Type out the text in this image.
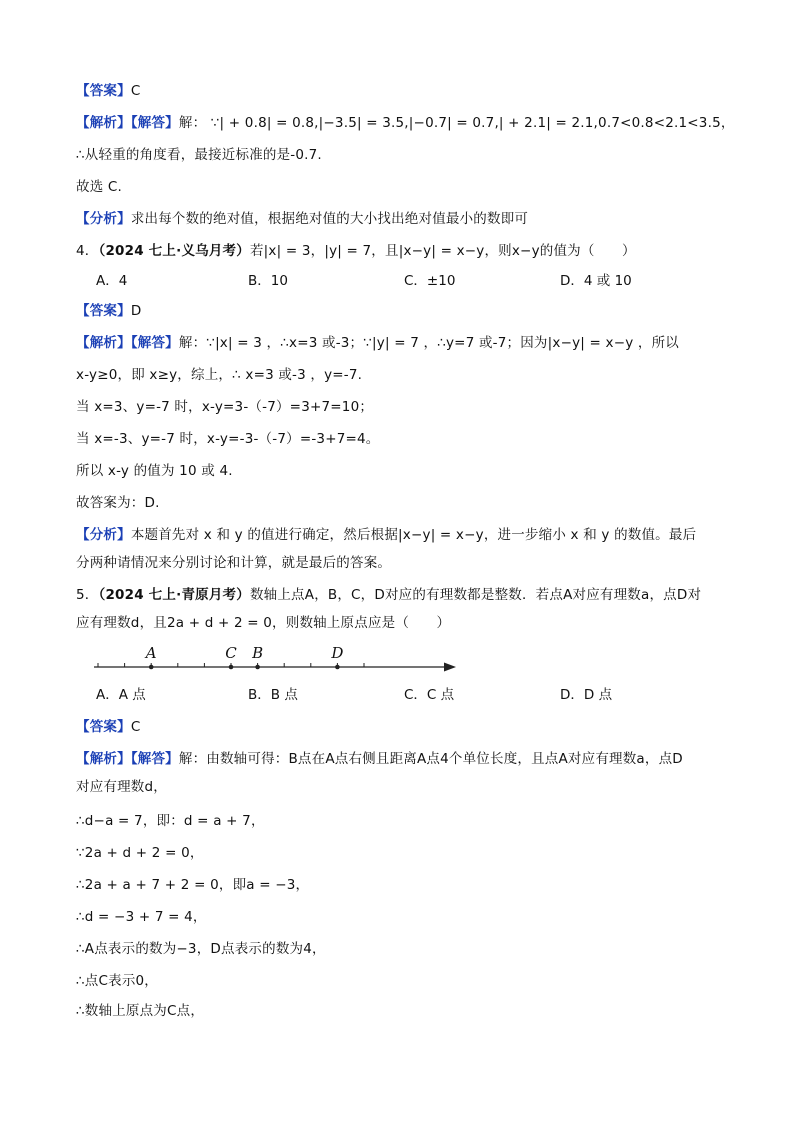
【答案】C
【解析】【解答】解： ∵| + 0.8| = 0.8,|−3.5| = 3.5,|−0.7| = 0.7,| + 2.1| = 2.1,0.7<0.8<2.1<3.5，
∴从轻重的角度看，最接近标准的是-0.7.
故选 C.
【分析】求出每个数的绝对值，根据绝对值的大小找出绝对值最小的数即可
4．（2024 七上·义乌月考）若|x| = 3，|y| = 7，且|x−y| = x−y，则x−y的值为（　　）
A．4	B．10	C．±10	D．4 或 10
【答案】D
【解析】【解答】解：∵|x| = 3 ，∴x=3 或-3；∵|y| = 7 ，∴y=7 或-7；因为|x−y| = x−y ，所以
x-y≥0，即 x≥y，综上，∴ x=3 或-3 ，y=-7.
当 x=3、y=-7 时，x-y=3-（-7）=3+7=10；
当 x=-3、y=-7 时，x-y=-3-（-7）=-3+7=4。
所以 x-y 的值为 10 或 4.
故答案为：D.
【分析】本题首先对 x 和 y 的值进行确定，然后根据|x−y| = x−y，进一步缩小 x 和 y 的数值。最后
分两种请情况来分别讨论和计算，就是最后的答案。
5．（2024 七上·青原月考）数轴上点A，B，C，D对应的有理数都是整数．若点A对应有理数a，点D对
应有理数d，且2a + d + 2 = 0，则数轴上原点应是（　　）
A	C B	D
A．A 点	B．B 点	C．C 点	D．D 点
【答案】C
【解析】【解答】解：由数轴可得：B点在A点右侧且距离A点4个单位长度，且点A对应有理数a，点D
对应有理数d，
∴d−a = 7，即：d = a + 7，
∵2a + d + 2 = 0，
∴2a + a + 7 + 2 = 0，即a = −3，
∴d = −3 + 7 = 4，
∴A点表示的数为−3，D点表示的数为4，
∴点C表示0，
∴数轴上原点为C点，
